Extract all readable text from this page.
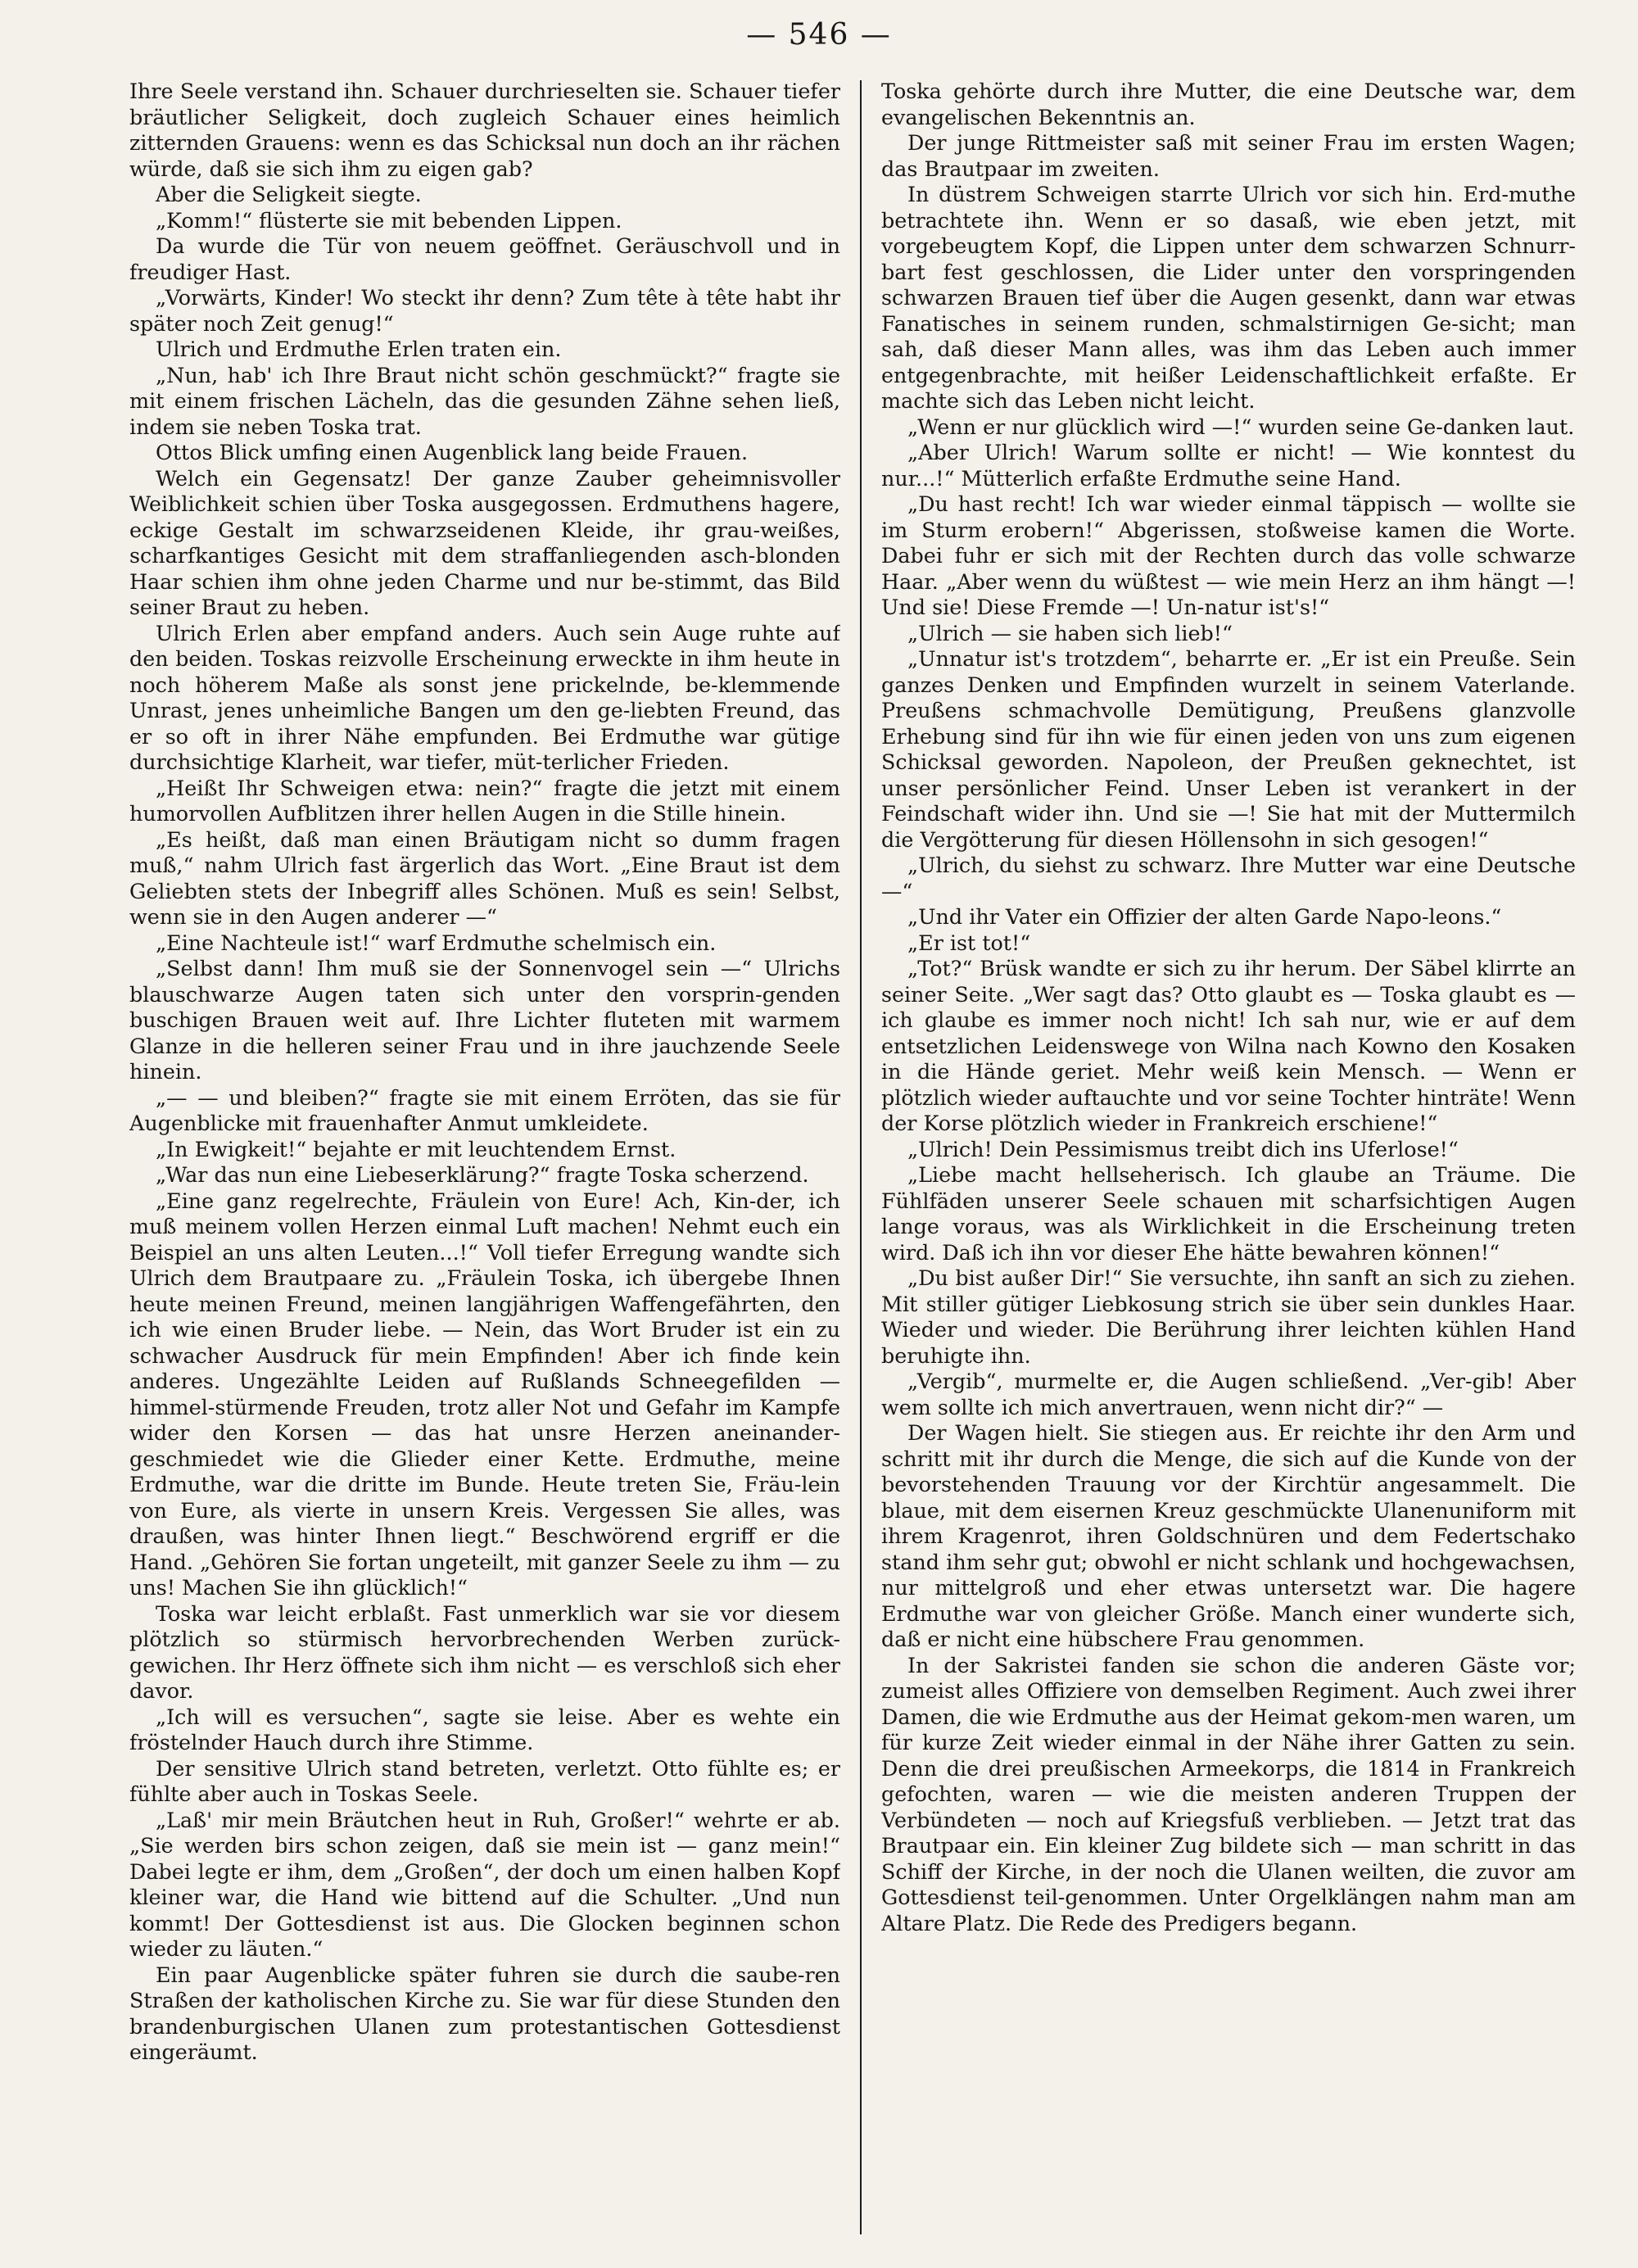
— 546 —

Ihre Seele verstand ihn. Schauer durchrieselten sie. Schauer tiefer bräutlicher Seligkeit, doch zugleich Schauer eines heimlich zitternden Grauens: wenn es das Schicksal nun doch an ihr rächen würde, daß sie sich ihm zu eigen gab?

Aber die Seligkeit siegte.

„Komm!“ flüsterte sie mit bebenden Lippen.

Da wurde die Tür von neuem geöffnet. Geräuschvoll und in freudiger Hast.

„Vorwärts, Kinder! Wo steckt ihr denn? Zum tête à tête habt ihr später noch Zeit genug!“

Ulrich und Erdmuthe Erlen traten ein.

„Nun, hab' ich Ihre Braut nicht schön geschmückt?“ fragte sie mit einem frischen Lächeln, das die gesunden Zähne sehen ließ, indem sie neben Toska trat.

Ottos Blick umfing einen Augenblick lang beide Frauen.

Welch ein Gegensatz! Der ganze Zauber geheimnisvoller Weiblichkeit schien über Toska ausgegossen. Erdmuthens hagere, eckige Gestalt im schwarzseidenen Kleide, ihr grau-weißes, scharfkantiges Gesicht mit dem straffanliegenden asch-blonden Haar schien ihm ohne jeden Charme und nur be-stimmt, das Bild seiner Braut zu heben.

Ulrich Erlen aber empfand anders. Auch sein Auge ruhte auf den beiden. Toskas reizvolle Erscheinung erweckte in ihm heute in noch höherem Maße als sonst jene prickelnde, be-klemmende Unrast, jenes unheimliche Bangen um den ge-liebten Freund, das er so oft in ihrer Nähe empfunden. Bei Erdmuthe war gütige durchsichtige Klarheit, war tiefer, müt-terlicher Frieden.

„Heißt Ihr Schweigen etwa: nein?“ fragte die jetzt mit einem humorvollen Aufblitzen ihrer hellen Augen in die Stille hinein.

„Es heißt, daß man einen Bräutigam nicht so dumm fragen muß,“ nahm Ulrich fast ärgerlich das Wort. „Eine Braut ist dem Geliebten stets der Inbegriff alles Schönen. Muß es sein! Selbst, wenn sie in den Augen anderer —“

„Eine Nachteule ist!“ warf Erdmuthe schelmisch ein.

„Selbst dann! Ihm muß sie der Sonnenvogel sein —“ Ulrichs blauschwarze Augen taten sich unter den vorsprin-genden buschigen Brauen weit auf. Ihre Lichter fluteten mit warmem Glanze in die helleren seiner Frau und in ihre jauchzende Seele hinein.

„— — und bleiben?“ fragte sie mit einem Erröten, das sie für Augenblicke mit frauenhafter Anmut umkleidete.

„In Ewigkeit!“ bejahte er mit leuchtendem Ernst.

„War das nun eine Liebeserklärung?“ fragte Toska scherzend.

„Eine ganz regelrechte, Fräulein von Eure! Ach, Kin-der, ich muß meinem vollen Herzen einmal Luft machen! Nehmt euch ein Beispiel an uns alten Leuten...!“ Voll tiefer Erregung wandte sich Ulrich dem Brautpaare zu. „Fräulein Toska, ich übergebe Ihnen heute meinen Freund, meinen langjährigen Waffengefährten, den ich wie einen Bruder liebe. — Nein, das Wort Bruder ist ein zu schwacher Ausdruck für mein Empfinden! Aber ich finde kein anderes. Ungezählte Leiden auf Rußlands Schneegefilden — himmel-stürmende Freuden, trotz aller Not und Gefahr im Kampfe wider den Korsen — das hat unsre Herzen aneinander-geschmiedet wie die Glieder einer Kette. Erdmuthe, meine Erdmuthe, war die dritte im Bunde. Heute treten Sie, Fräu-lein von Eure, als vierte in unsern Kreis. Vergessen Sie alles, was draußen, was hinter Ihnen liegt.“ Beschwörend ergriff er die Hand. „Gehören Sie fortan ungeteilt, mit ganzer Seele zu ihm — zu uns! Machen Sie ihn glücklich!“

Toska war leicht erblaßt. Fast unmerklich war sie vor diesem plötzlich so stürmisch hervorbrechenden Werben zurück-gewichen. Ihr Herz öffnete sich ihm nicht — es verschloß sich eher davor.

„Ich will es versuchen“, sagte sie leise. Aber es wehte ein fröstelnder Hauch durch ihre Stimme.

Der sensitive Ulrich stand betreten, verletzt. Otto fühlte es; er fühlte aber auch in Toskas Seele.

„Laß' mir mein Bräutchen heut in Ruh, Großer!“ wehrte er ab. „Sie werden birs schon zeigen, daß sie mein ist — ganz mein!“ Dabei legte er ihm, dem „Großen“, der doch um einen halben Kopf kleiner war, die Hand wie bittend auf die Schulter. „Und nun kommt! Der Gottesdienst ist aus. Die Glocken beginnen schon wieder zu läuten.“

Ein paar Augenblicke später fuhren sie durch die saube-ren Straßen der katholischen Kirche zu. Sie war für diese Stunden den brandenburgischen Ulanen zum protestantischen Gottesdienst eingeräumt.

Toska gehörte durch ihre Mutter, die eine Deutsche war, dem evangelischen Bekenntnis an.

Der junge Rittmeister saß mit seiner Frau im ersten Wagen; das Brautpaar im zweiten.

In düstrem Schweigen starrte Ulrich vor sich hin. Erd-muthe betrachtete ihn. Wenn er so dasaß, wie eben jetzt, mit vorgebeugtem Kopf, die Lippen unter dem schwarzen Schnurr-bart fest geschlossen, die Lider unter den vorspringenden schwarzen Brauen tief über die Augen gesenkt, dann war etwas Fanatisches in seinem runden, schmalstirnigen Ge-sicht; man sah, daß dieser Mann alles, was ihm das Leben auch immer entgegenbrachte, mit heißer Leidenschaftlichkeit erfaßte. Er machte sich das Leben nicht leicht.

„Wenn er nur glücklich wird —!“ wurden seine Ge-danken laut.

„Aber Ulrich! Warum sollte er nicht! — Wie konntest du nur...!“ Mütterlich erfaßte Erdmuthe seine Hand.

„Du hast recht! Ich war wieder einmal täppisch — wollte sie im Sturm erobern!“ Abgerissen, stoßweise kamen die Worte. Dabei fuhr er sich mit der Rechten durch das volle schwarze Haar. „Aber wenn du wüßtest — wie mein Herz an ihm hängt —! Und sie! Diese Fremde —! Un-natur ist's!“

„Ulrich — sie haben sich lieb!“

„Unnatur ist's trotzdem“, beharrte er. „Er ist ein Preuße. Sein ganzes Denken und Empfinden wurzelt in seinem Vaterlande. Preußens schmachvolle Demütigung, Preußens glanzvolle Erhebung sind für ihn wie für einen jeden von uns zum eigenen Schicksal geworden. Napoleon, der Preußen geknechtet, ist unser persönlicher Feind. Unser Leben ist verankert in der Feindschaft wider ihn. Und sie —! Sie hat mit der Muttermilch die Vergötterung für diesen Höllensohn in sich gesogen!“

„Ulrich, du siehst zu schwarz. Ihre Mutter war eine Deutsche —“

„Und ihr Vater ein Offizier der alten Garde Napo-leons.“

„Er ist tot!“

„Tot?“ Brüsk wandte er sich zu ihr herum. Der Säbel klirrte an seiner Seite. „Wer sagt das? Otto glaubt es — Toska glaubt es — ich glaube es immer noch nicht! Ich sah nur, wie er auf dem entsetzlichen Leidenswege von Wilna nach Kowno den Kosaken in die Hände geriet. Mehr weiß kein Mensch. — Wenn er plötzlich wieder auftauchte und vor seine Tochter hinträte! Wenn der Korse plötzlich wieder in Frankreich erschiene!“

„Ulrich! Dein Pessimismus treibt dich ins Uferlose!“

„Liebe macht hellseherisch. Ich glaube an Träume. Die Fühlfäden unserer Seele schauen mit scharfsichtigen Augen lange voraus, was als Wirklichkeit in die Erscheinung treten wird. Daß ich ihn vor dieser Ehe hätte bewahren können!“

„Du bist außer Dir!“ Sie versuchte, ihn sanft an sich zu ziehen. Mit stiller gütiger Liebkosung strich sie über sein dunkles Haar. Wieder und wieder. Die Berührung ihrer leichten kühlen Hand beruhigte ihn.

„Vergib“, murmelte er, die Augen schließend. „Ver-gib! Aber wem sollte ich mich anvertrauen, wenn nicht dir?“ —

Der Wagen hielt. Sie stiegen aus. Er reichte ihr den Arm und schritt mit ihr durch die Menge, die sich auf die Kunde von der bevorstehenden Trauung vor der Kirchtür angesammelt. Die blaue, mit dem eisernen Kreuz geschmückte Ulanenuniform mit ihrem Kragenrot, ihren Goldschnüren und dem Federtschako stand ihm sehr gut; obwohl er nicht schlank und hochgewachsen, nur mittelgroß und eher etwas untersetzt war. Die hagere Erdmuthe war von gleicher Größe. Manch einer wunderte sich, daß er nicht eine hübschere Frau genommen.

In der Sakristei fanden sie schon die anderen Gäste vor; zumeist alles Offiziere von demselben Regiment. Auch zwei ihrer Damen, die wie Erdmuthe aus der Heimat gekom-men waren, um für kurze Zeit wieder einmal in der Nähe ihrer Gatten zu sein. Denn die drei preußischen Armeekorps, die 1814 in Frankreich gefochten, waren — wie die meisten anderen Truppen der Verbündeten — noch auf Kriegsfuß verblieben. — Jetzt trat das Brautpaar ein. Ein kleiner Zug bildete sich — man schritt in das Schiff der Kirche, in der noch die Ulanen weilten, die zuvor am Gottesdienst teil-genommen. Unter Orgelklängen nahm man am Altare Platz. Die Rede des Predigers begann.
